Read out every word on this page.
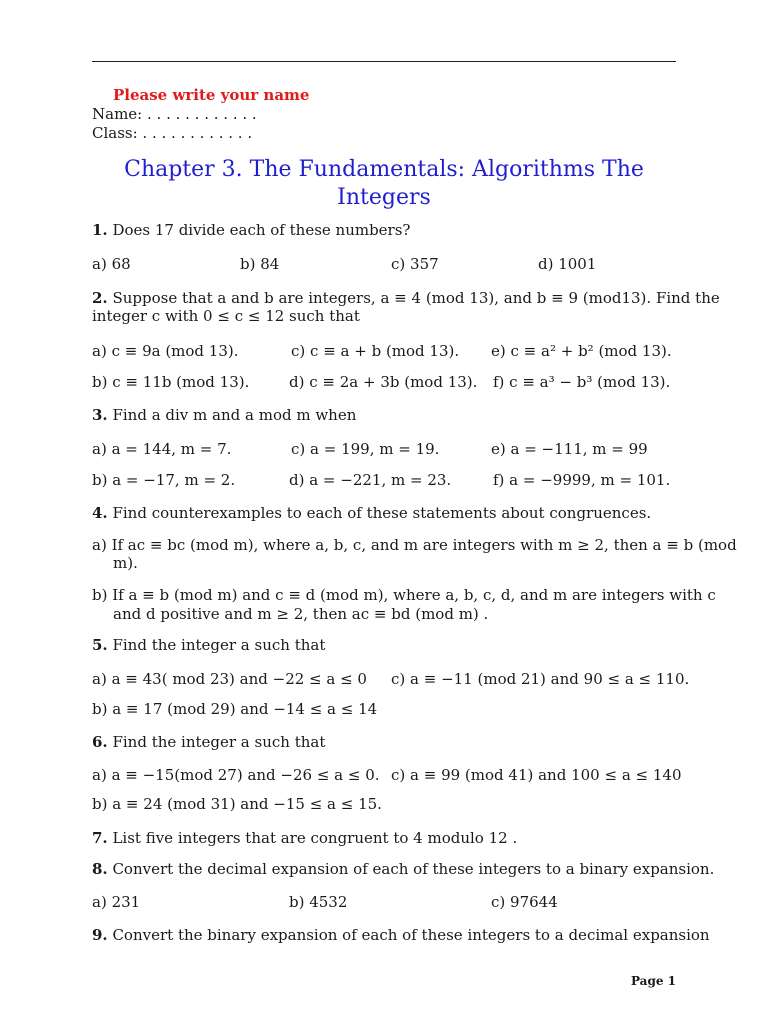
Please write your name
Name: . . . . . . . . . . . .
Class: . . . . . . . . . . . .
Chapter 3. The Fundamentals: Algorithms The
Integers
1. Does 17 divide each of these numbers?
a) 68	b) 84	c) 357	d) 1001
2. Suppose that a and b are integers, a ≡ 4 (mod 13), and b ≡ 9 (mod13). Find the
integer c with 0 ≤ c ≤ 12 such that
a) c ≡ 9a (mod 13).	c) c ≡ a + b (mod 13). e) c ≡ a² + b² (mod 13).
b) c ≡ 11b (mod 13).	d) c ≡ 2a + 3b (mod 13). f) c ≡ a³ − b³ (mod 13).
3. Find a div m and a mod m when
a) a = 144, m = 7.	c) a = 199, m = 19.	e) a = −111, m = 99
b) a = −17, m = 2.	d) a = −221, m = 23.	f) a = −9999, m = 101.
4. Find counterexamples to each of these statements about congruences.
a) If ac ≡ bc (mod m), where a, b, c, and m are integers with m ≥ 2, then a ≡ b (mod
m).
b) If a ≡ b (mod m) and c ≡ d (mod m), where a, b, c, d, and m are integers with c
and d positive and m ≥ 2, then ac ≡ bd (mod m) .
5. Find the integer a such that
a) a ≡ 43( mod 23) and −22 ≤ a ≤ 0 c) a ≡ −11 (mod 21) and 90 ≤ a ≤ 110.
b) a ≡ 17 (mod 29) and −14 ≤ a ≤ 14
6. Find the integer a such that
a) a ≡ −15(mod 27) and −26 ≤ a ≤ 0. c) a ≡ 99 (mod 41) and 100 ≤ a ≤ 140
b) a ≡ 24 (mod 31) and −15 ≤ a ≤ 15.
7. List five integers that are congruent to 4 modulo 12 .
8. Convert the decimal expansion of each of these integers to a binary expansion.
a) 231	b) 4532	c) 97644
9. Convert the binary expansion of each of these integers to a decimal expansion
Page 1
